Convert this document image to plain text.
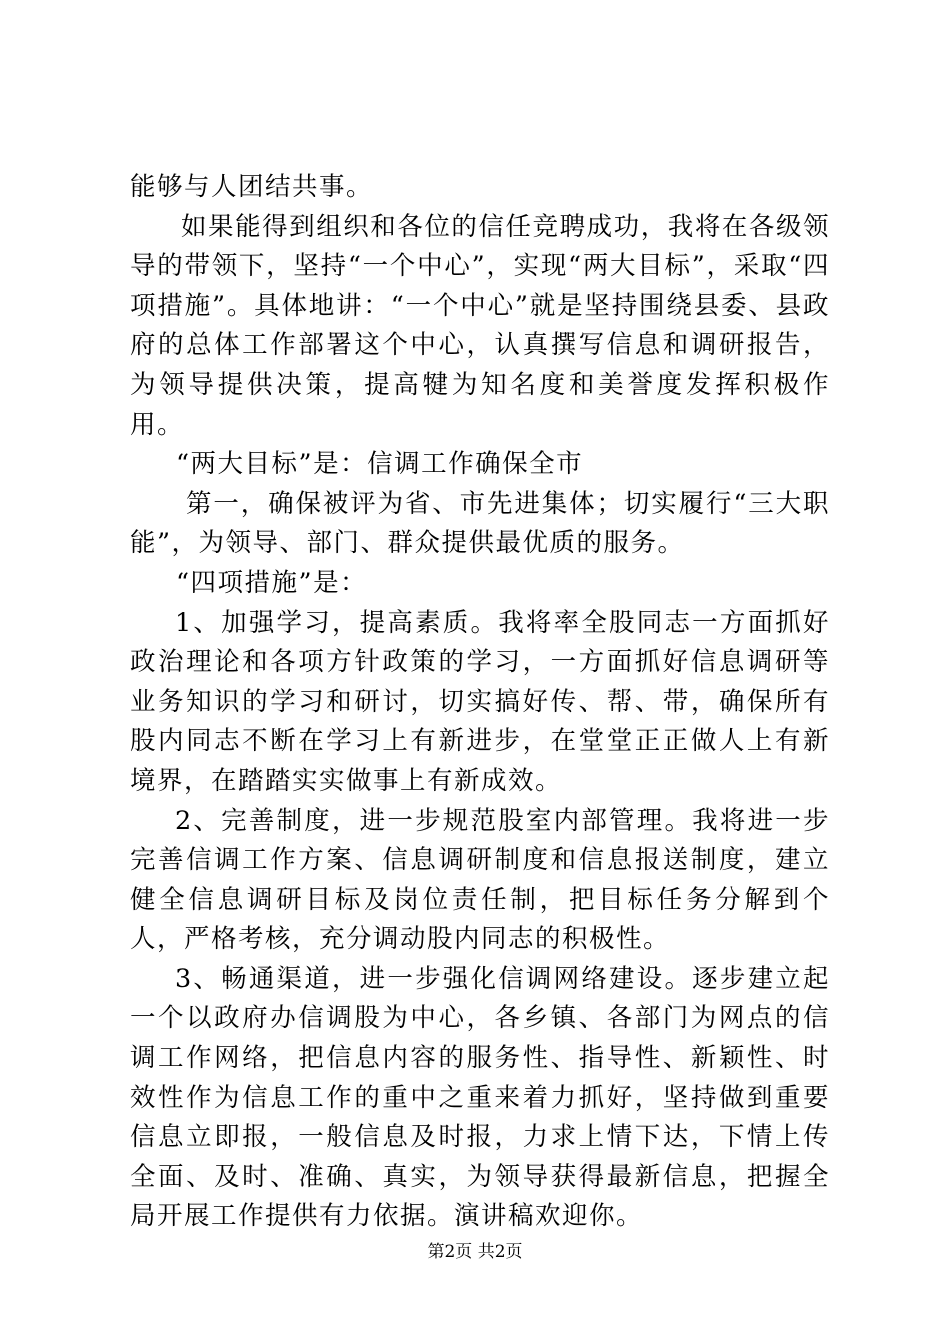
能够与人团结共事。

如果能得到组织和各位的信任竞聘成功，我将在各级领导的带领下，坚持“一个中心”，实现“两大目标”，采取“四项措施”。具体地讲：“一个中心”就是坚持围绕县委、县政府的总体工作部署这个中心，认真撰写信息和调研报告，为领导提供决策，提高犍为知名度和美誉度发挥积极作用。

“两大目标”是：信调工作确保全市

第一，确保被评为省、市先进集体；切实履行“三大职能”，为领导、部门、群众提供最优质的服务。

“四项措施”是：

1、加强学习，提高素质。我将率全股同志一方面抓好政治理论和各项方针政策的学习，一方面抓好信息调研等业务知识的学习和研讨，切实搞好传、帮、带，确保所有股内同志不断在学习上有新进步，在堂堂正正做人上有新境界，在踏踏实实做事上有新成效。

2、完善制度，进一步规范股室内部管理。我将进一步完善信调工作方案、信息调研制度和信息报送制度，建立健全信息调研目标及岗位责任制，把目标任务分解到个人，严格考核，充分调动股内同志的积极性。

3、畅通渠道，进一步强化信调网络建设。逐步建立起一个以政府办信调股为中心，各乡镇、各部门为网点的信调工作网络，把信息内容的服务性、指导性、新颖性、时效性作为信息工作的重中之重来着力抓好，坚持做到重要信息立即报，一般信息及时报，力求上情下达，下情上传全面、及时、准确、真实，为领导获得最新信息，把握全局开展工作提供有力依据。演讲稿欢迎你。

第2页 共2页
